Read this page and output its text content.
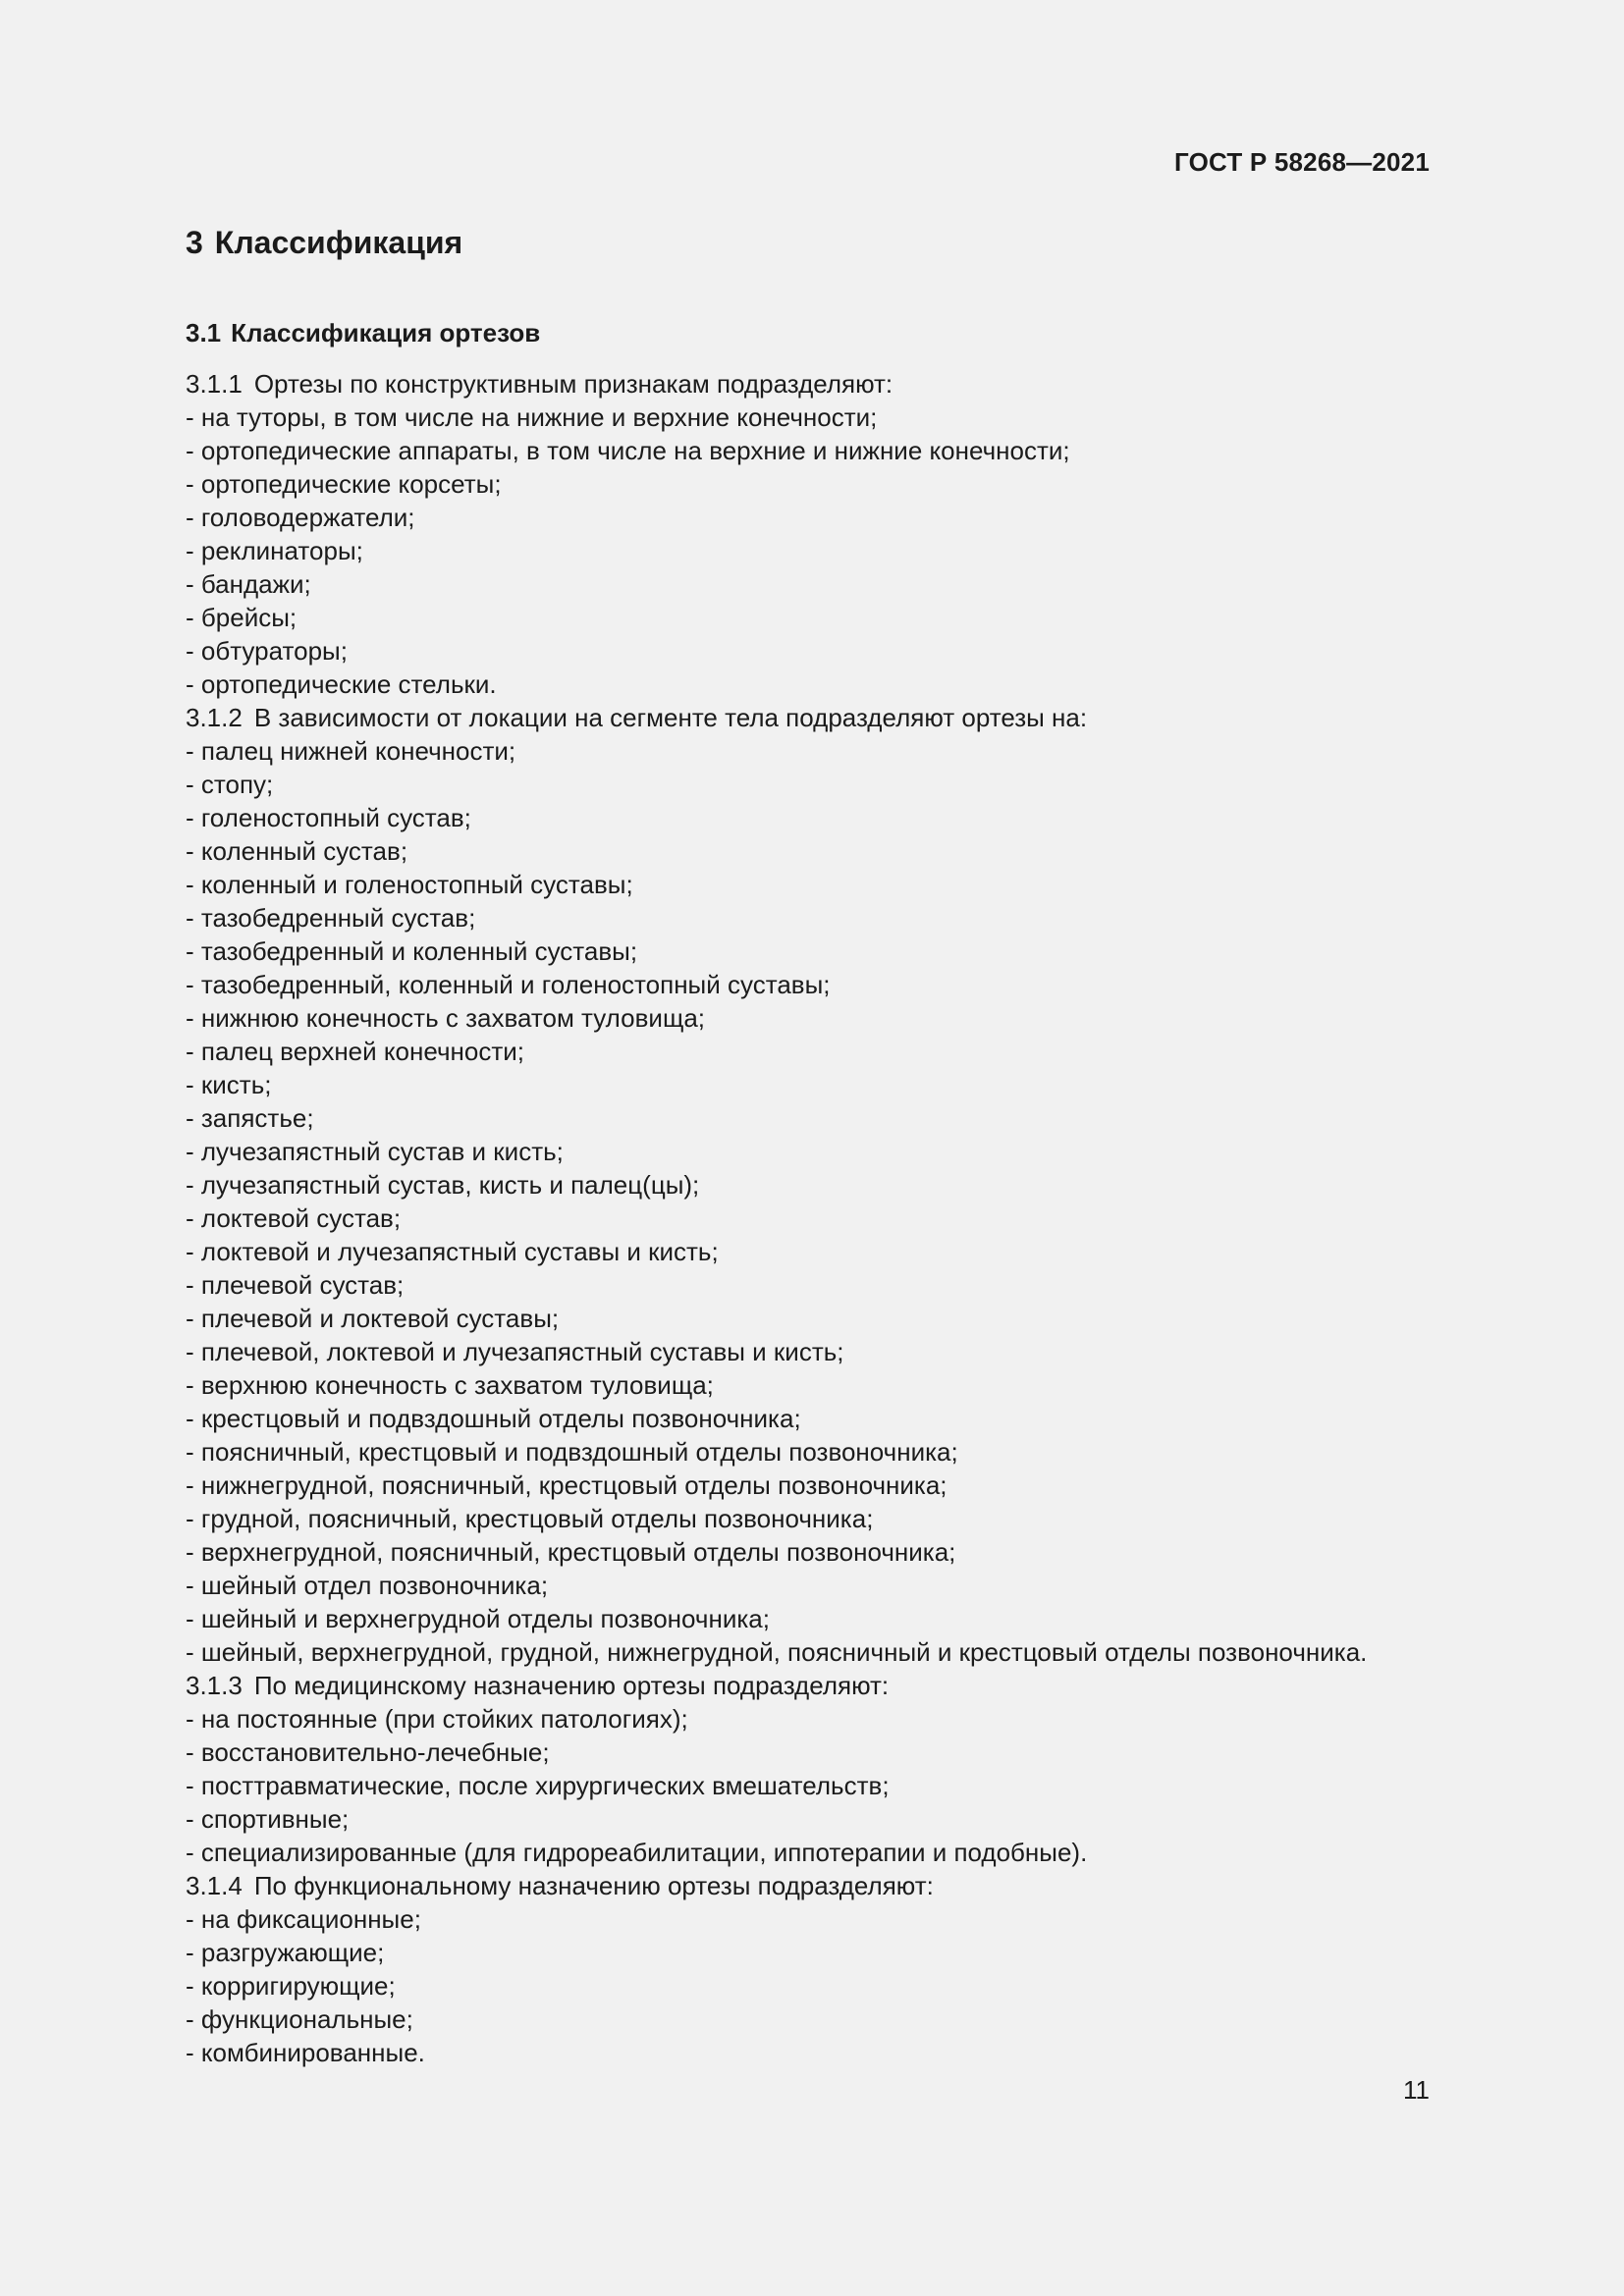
ГОСТ Р 58268—2021
3 Классификация
3.1 Классификация ортезов
3.1.1 Ортезы по конструктивным признакам подразделяют:
- на туторы, в том числе на нижние и верхние конечности;
- ортопедические аппараты, в том числе на верхние и нижние конечности;
- ортопедические корсеты;
- головодержатели;
- реклинаторы;
- бандажи;
- брейсы;
- обтураторы;
- ортопедические стельки.
3.1.2 В зависимости от локации на сегменте тела подразделяют ортезы на:
- палец нижней конечности;
- стопу;
- голеностопный сустав;
- коленный сустав;
- коленный и голеностопный суставы;
- тазобедренный сустав;
- тазобедренный и коленный суставы;
- тазобедренный, коленный и голеностопный суставы;
- нижнюю конечность с захватом туловища;
- палец верхней конечности;
- кисть;
- запястье;
- лучезапястный сустав и кисть;
- лучезапястный сустав, кисть и палец(цы);
- локтевой сустав;
- локтевой и лучезапястный суставы и кисть;
- плечевой сустав;
- плечевой и локтевой суставы;
- плечевой, локтевой и лучезапястный суставы и кисть;
- верхнюю конечность с захватом туловища;
- крестцовый и подвздошный отделы позвоночника;
- поясничный, крестцовый и подвздошный отделы позвоночника;
- нижнегрудной, поясничный, крестцовый отделы позвоночника;
- грудной, поясничный, крестцовый отделы позвоночника;
- верхнегрудной, поясничный, крестцовый отделы позвоночника;
- шейный отдел позвоночника;
- шейный и верхнегрудной отделы позвоночника;
- шейный, верхнегрудной, грудной, нижнегрудной, поясничный и крестцовый отделы позвоночника.
3.1.3 По медицинскому назначению ортезы подразделяют:
- на постоянные (при стойких патологиях);
- восстановительно-лечебные;
- посттравматические, после хирургических вмешательств;
- спортивные;
- специализированные (для гидрореабилитации, иппотерапии и подобные).
3.1.4 По функциональному назначению ортезы подразделяют:
- на фиксационные;
- разгружающие;
- корригирующие;
- функциональные;
- комбинированные.
11
